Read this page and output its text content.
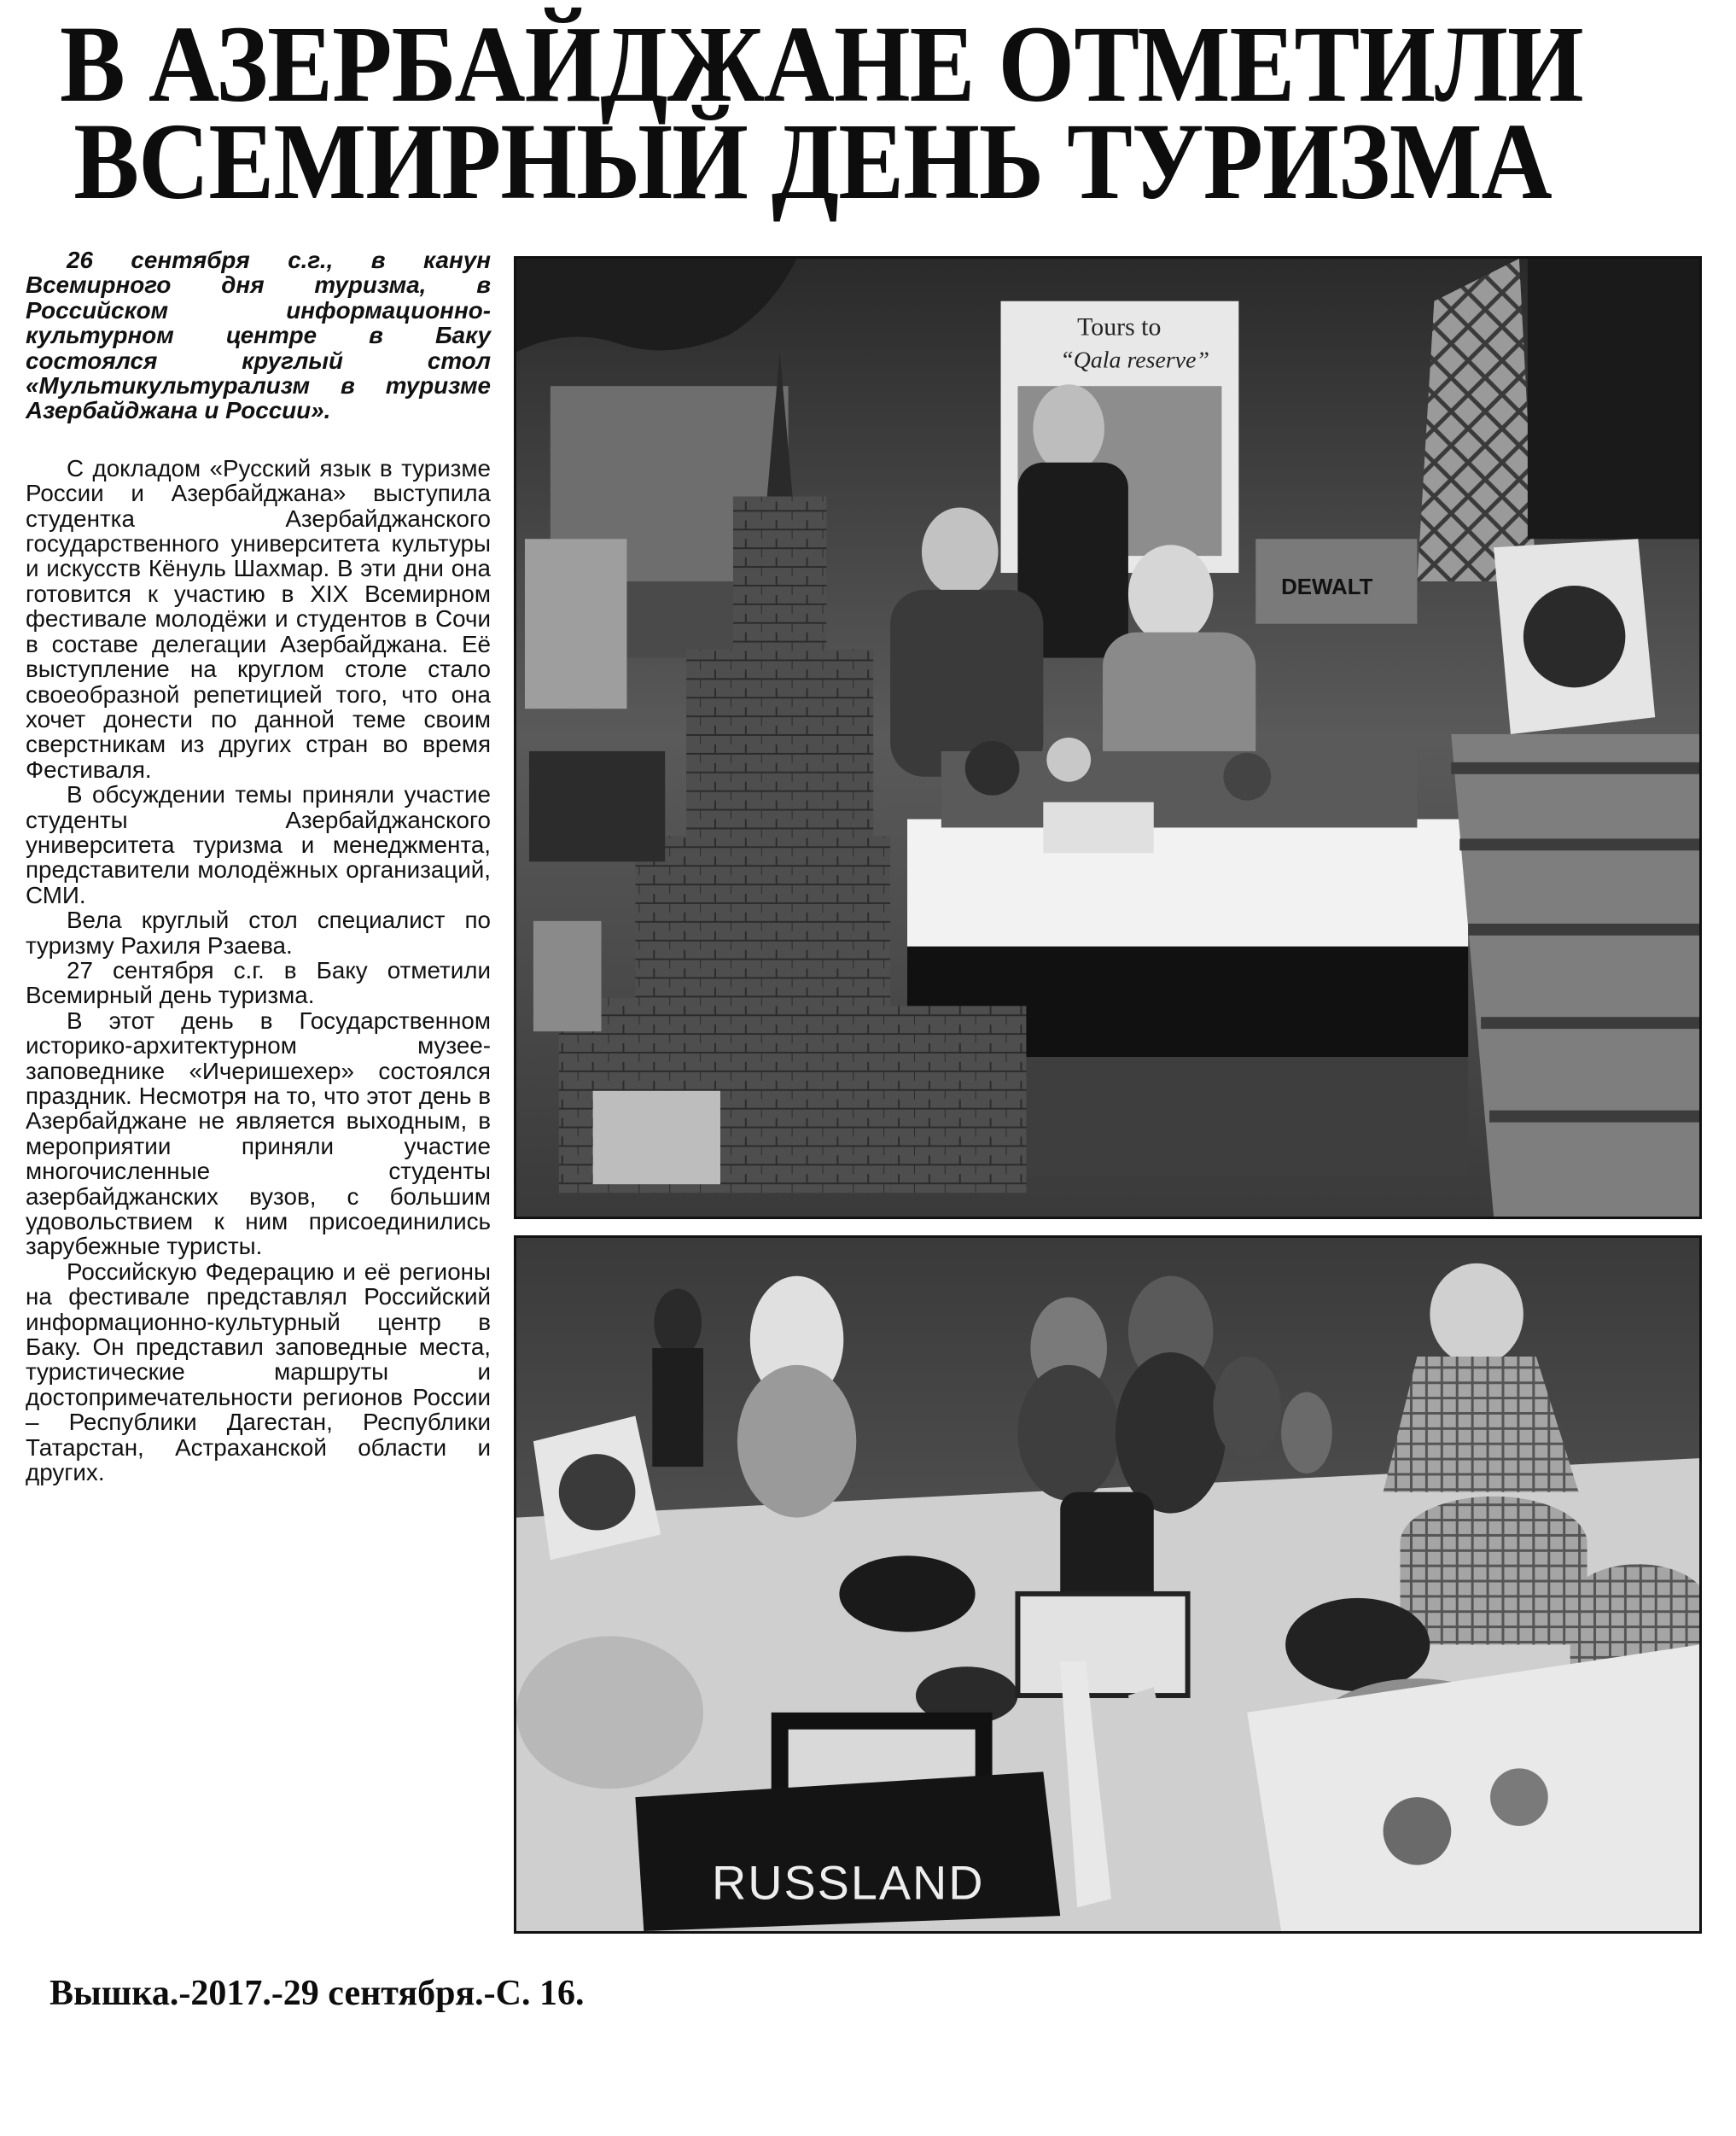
В АЗЕРБАЙДЖАНЕ ОТМЕТИЛИ
ВСЕМИРНЫЙ ДЕНЬ ТУРИЗМА

26 сентября с.г., в канун Всемирного дня туризма, в Российском информационно-культурном центре в Баку состоялся круглый стол «Мультикультурализм в туризме Азербайджана и России».

С докладом «Русский язык в туризме России и Азербайджана» выступила студентка Азербайджанского государственного университета культуры и искусств Кёнуль Шахмар. В эти дни она готовится к участию в XIX Всемирном фестивале молодёжи и студентов в Сочи в составе делегации Азербайджана. Её выступление на круглом столе стало своеобразной репетицией того, что она хочет донести по данной теме своим сверстникам из других стран во время Фестиваля.

В обсуждении темы приняли участие студенты Азербайджанского университета туризма и менеджмента, представители молодёжных организаций, СМИ.

Вела круглый стол специалист по туризму Рахиля Рзаева.

27 сентября с.г. в Баку отметили Всемирный день туризма.

В этот день в Государственном историко-архитектурном музее-заповеднике «Ичеришехер» состоялся праздник. Несмотря на то, что этот день в Азербайджане не является выходным, в мероприятии приняли участие многочисленные студенты азербайджанских вузов, с большим удовольствием к ним присоединились зарубежные туристы.

Российскую Федерацию и её регионы на фестивале представлял Российский информационно-культурный центр в Баку. Он представил заповедные места, туристические маршруты и достопримечательности регионов России – Республики Дагестан, Республики Татарстан, Астраханской области и других.

Tours to
“Qala reserve”
DEWALT
RUSSLAND

Вышка.-2017.-29 сентября.-С. 16.
